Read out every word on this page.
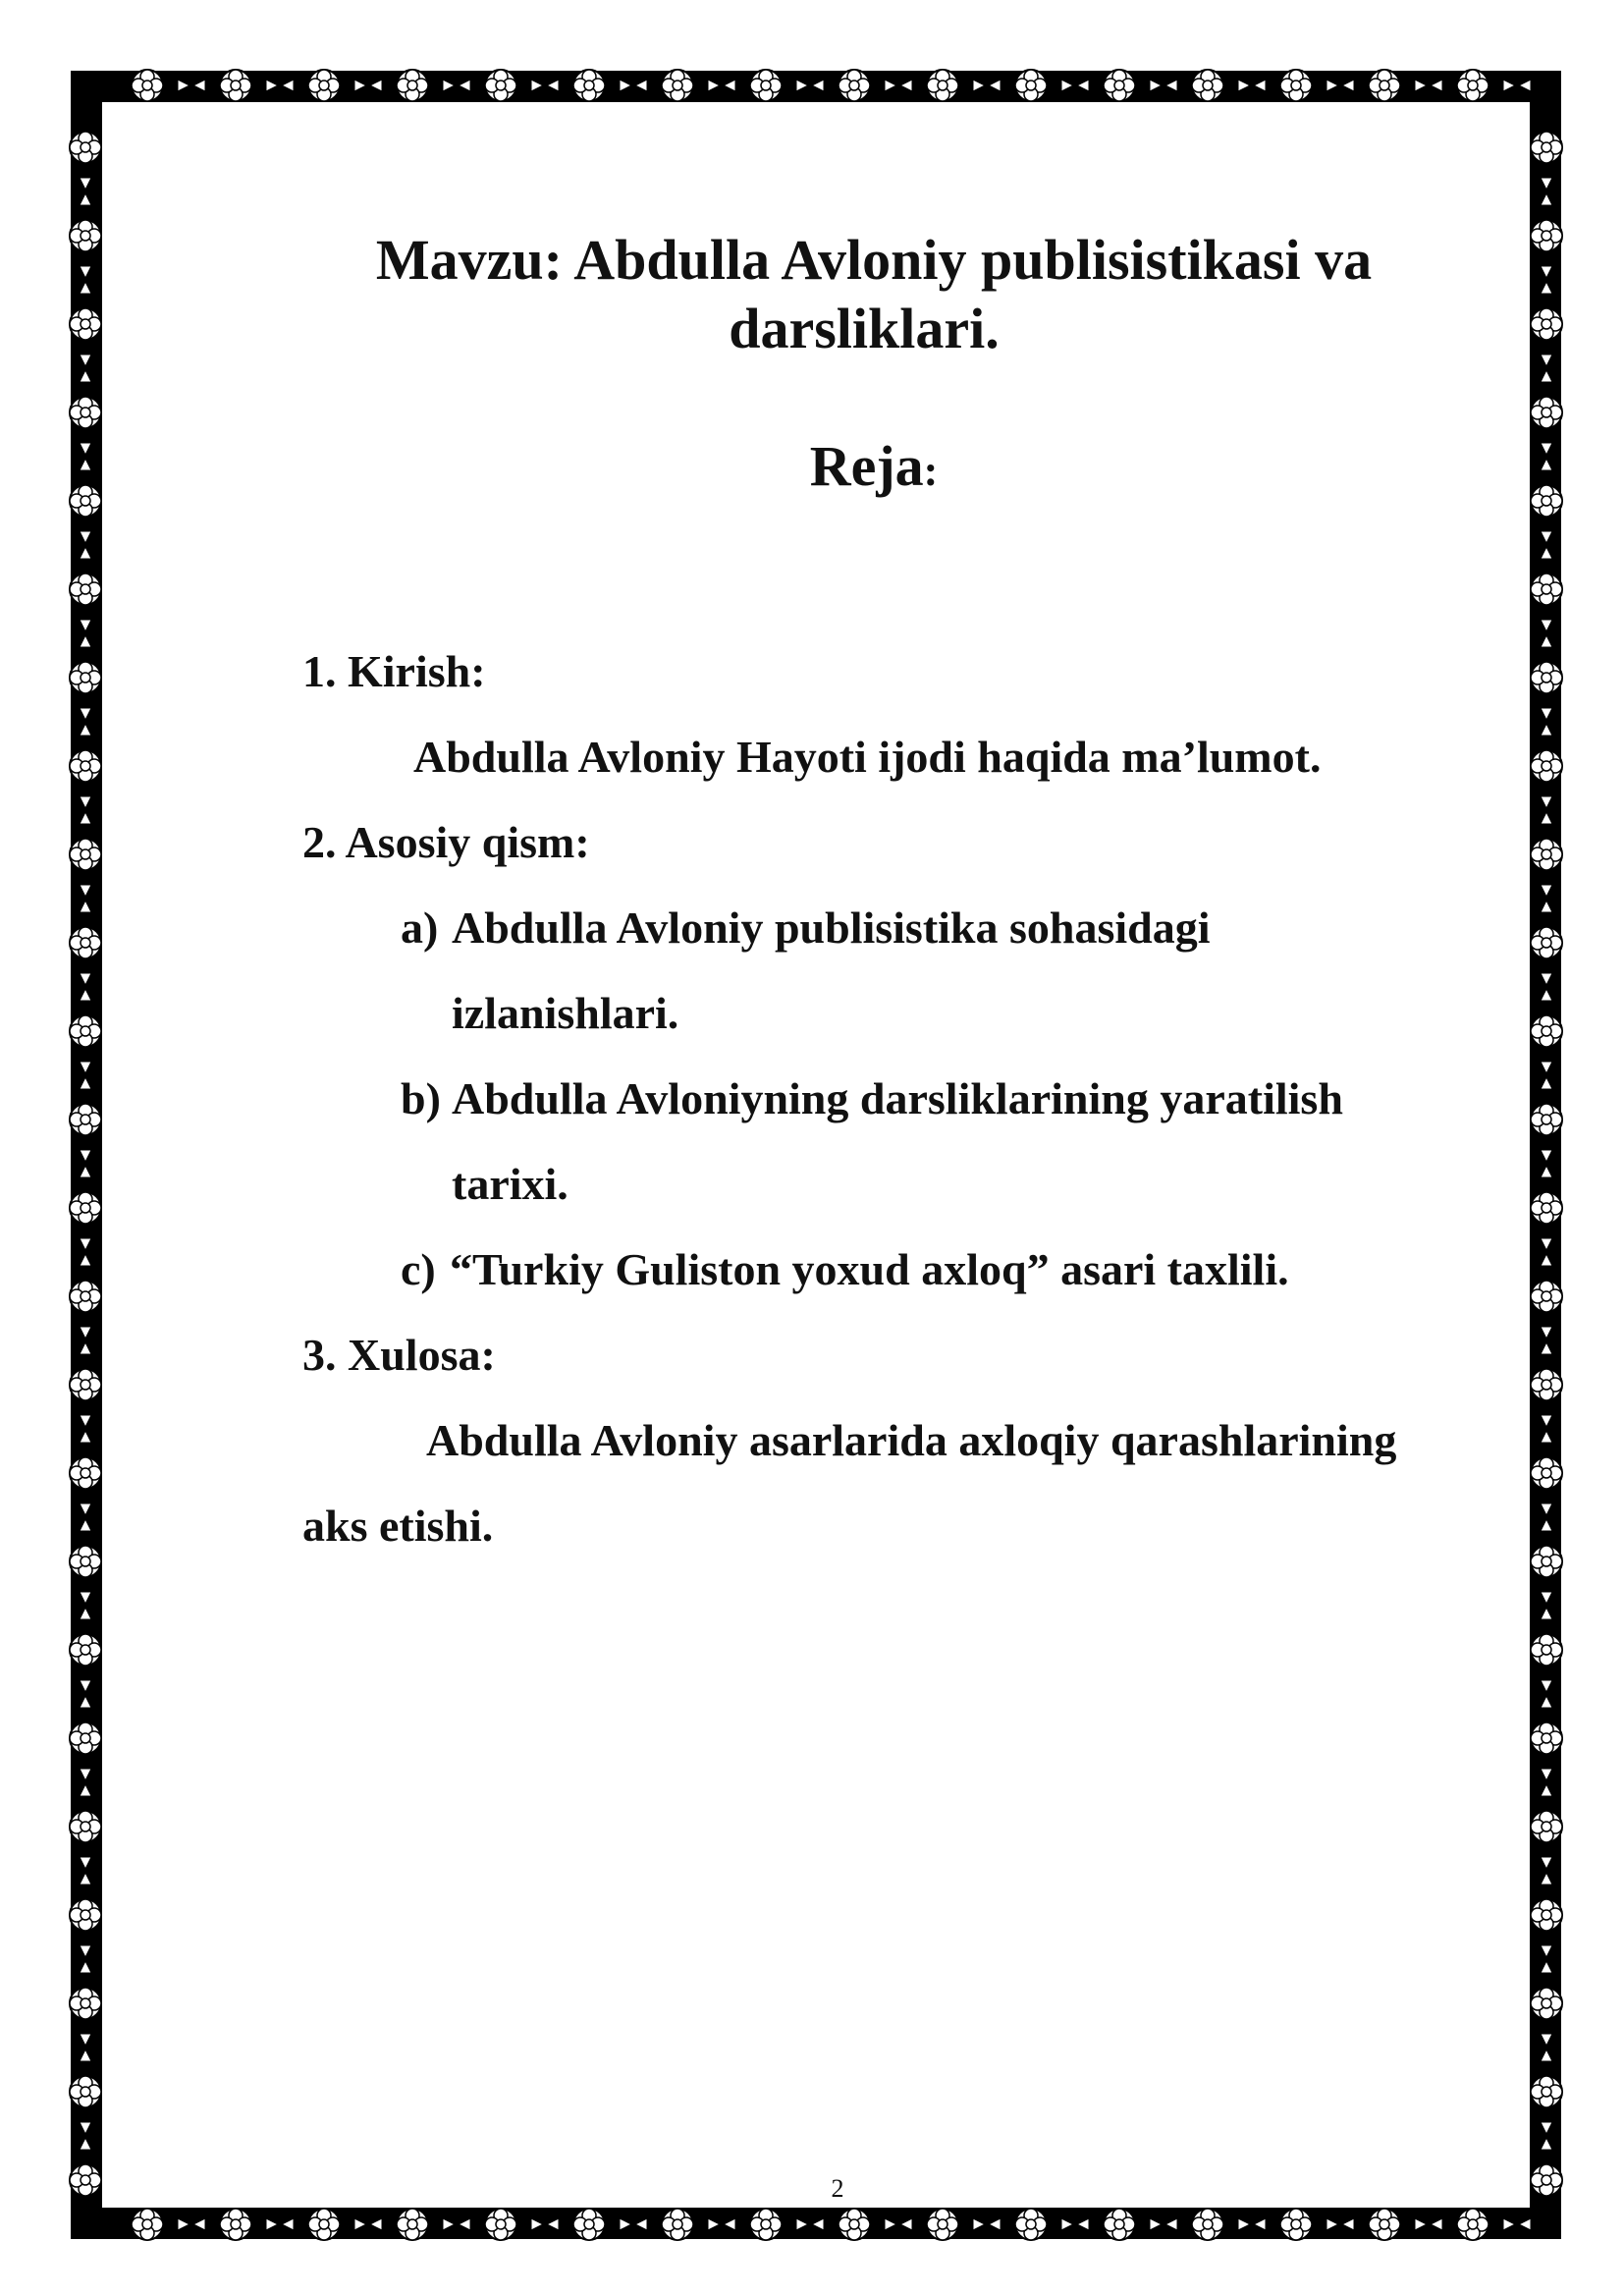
Mavzu: Abdulla Avloniy publisistikasi va
darsliklari.
Reja:
1. Kirish:
Abdulla Avloniy Hayoti ijodi haqida ma’lumot.
2. Asosiy qism:
a) Abdulla Avloniy publisistika sohasidagi
izlanishlari.
b) Abdulla Avloniyning darsliklarining yaratilish
tarixi.
c) “Turkiy Guliston yoxud axloq” asari taxlili.
3. Xulosa:
Abdulla Avloniy asarlarida axloqiy qarashlarining
aks etishi.
2
